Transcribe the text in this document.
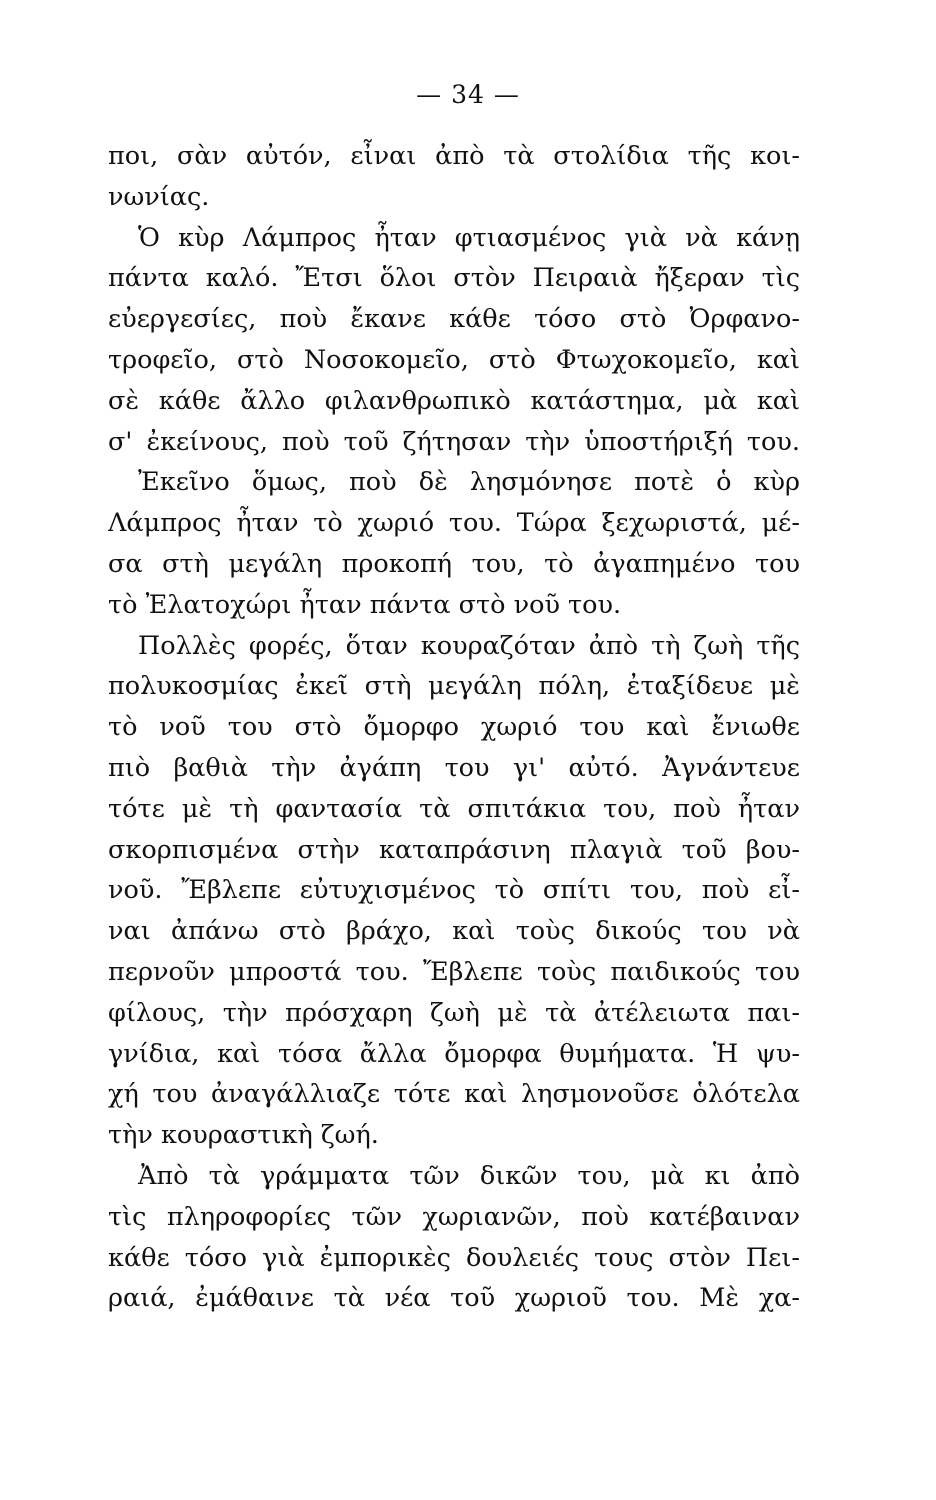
— 34 —
ποι, σὰν αὐτόν, εἶναι ἀπὸ τὰ στολίδια τῆς κοι-
νωνίας.
Ὁ κὺρ Λάμπρος ἦταν φτιασμένος γιὰ νὰ κάνῃ
πάντα καλό. Ἔτσι ὅλοι στὸν Πειραιὰ ἤξεραν τὶς
εὐεργεσίες, ποὺ ἔκανε κάθε τόσο στὸ Ὀρφανο-
τροφεῖο, στὸ Νοσοκομεῖο, στὸ Φτωχοκομεῖο, καὶ
σὲ κάθε ἄλλο φιλανθρωπικὸ κατάστημα, μὰ καὶ
σ' ἐκείνους, ποὺ τοῦ ζήτησαν τὴν ὑποστήριξή του.
Ἐκεῖνο ὅμως, ποὺ δὲ λησμόνησε ποτὲ ὁ κὺρ
Λάμπρος ἦταν τὸ χωριό του. Τώρα ξεχωριστά, μέ-
σα στὴ μεγάλη προκοπή του, τὸ ἀγαπημένο του
τὸ Ἐλατοχώρι ἦταν πάντα στὸ νοῦ του.
Πολλὲς φορές, ὅταν κουραζόταν ἀπὸ τὴ ζωὴ τῆς
πολυκοσμίας ἐκεῖ στὴ μεγάλη πόλη, ἐταξίδευε μὲ
τὸ νοῦ του στὸ ὄμορφο χωριό του καὶ ἔνιωθε
πιὸ βαθιὰ τὴν ἀγάπη του γι' αὐτό. Ἀγνάντευε
τότε μὲ τὴ φαντασία τὰ σπιτάκια του, ποὺ ἦταν
σκορπισμένα στὴν καταπράσινη πλαγιὰ τοῦ βου-
νοῦ. Ἔβλεπε εὐτυχισμένος τὸ σπίτι του, ποὺ εἶ-
ναι ἀπάνω στὸ βράχο, καὶ τοὺς δικούς του νὰ
περνοῦν μπροστά του. Ἔβλεπε τοὺς παιδικούς του
φίλους, τὴν πρόσχαρη ζωὴ μὲ τὰ ἀτέλειωτα παι-
γνίδια, καὶ τόσα ἄλλα ὄμορφα θυμήματα. Ἡ ψυ-
χή του ἀναγάλλιαζε τότε καὶ λησμονοῦσε ὁλότελα
τὴν κουραστικὴ ζωή.
Ἀπὸ τὰ γράμματα τῶν δικῶν του, μὰ κι ἀπὸ
τὶς πληροφορίες τῶν χωριανῶν, ποὺ κατέβαιναν
κάθε τόσο γιὰ ἐμπορικὲς δουλειές τους στὸν Πει-
ραιά, ἐμάθαινε τὰ νέα τοῦ χωριοῦ του. Μὲ χα-
